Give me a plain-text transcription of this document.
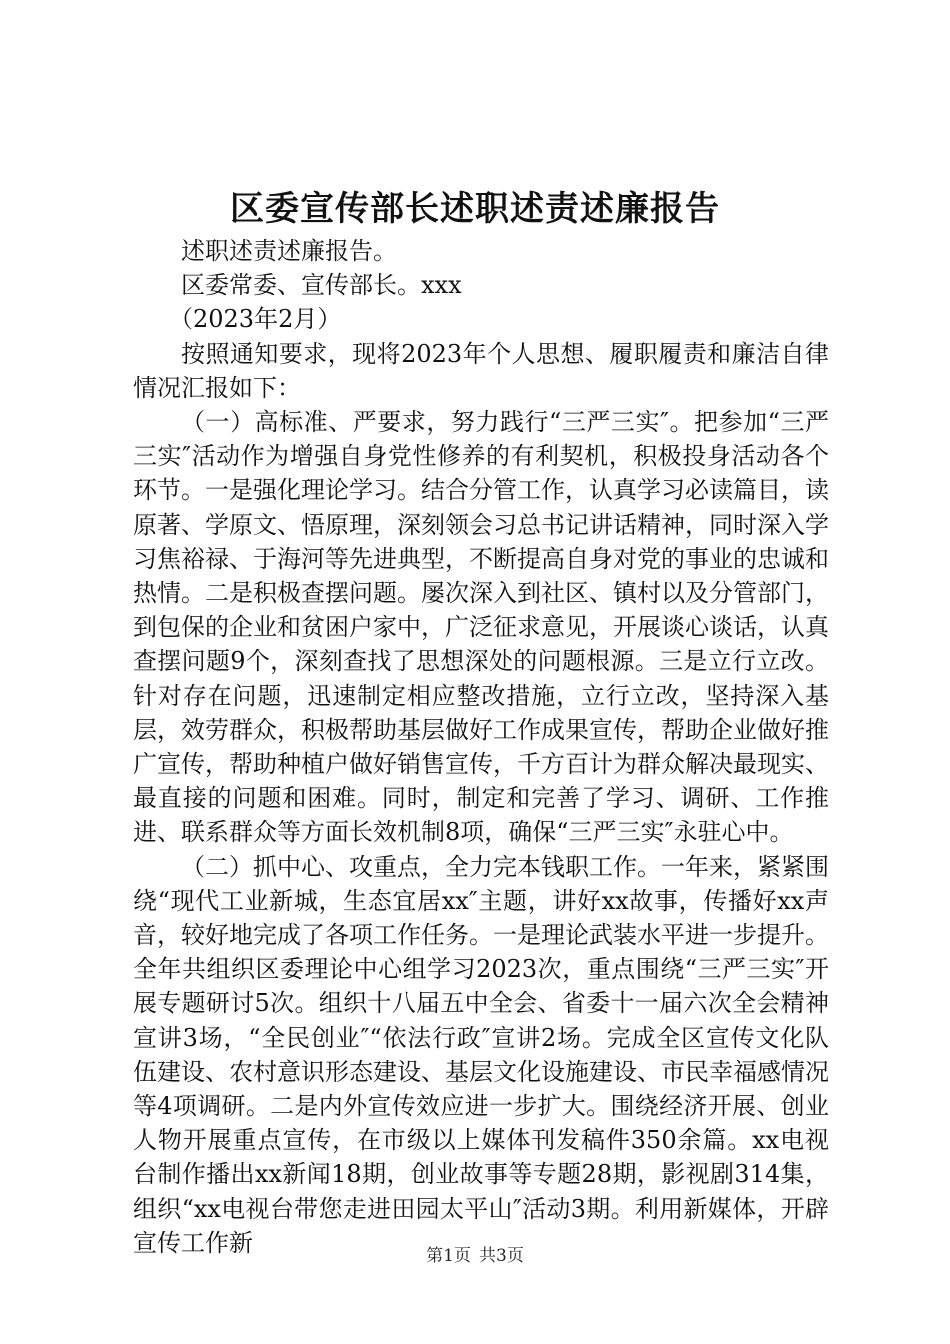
区委宣传部长述职述责述廉报告

述职述责述廉报告。

区委常委、宣传部长。xxx

（2023年2月）

按照通知要求，现将2023年个人思想、履职履责和廉洁自律情况汇报如下：

（一）高标准、严要求，努力践行“三严三实″。把参加“三严三实″活动作为增强自身党性修养的有利契机，积极投身活动各个环节。一是强化理论学习。结合分管工作，认真学习必读篇目，读原著、学原文、悟原理，深刻领会习总书记讲话精神，同时深入学习焦裕禄、于海河等先进典型，不断提高自身对党的事业的忠诚和热情。二是积极查摆问题。屡次深入到社区、镇村以及分管部门，到包保的企业和贫困户家中，广泛征求意见，开展谈心谈话，认真查摆问题9个，深刻查找了思想深处的问题根源。三是立行立改。针对存在问题，迅速制定相应整改措施，立行立改，坚持深入基层，效劳群众，积极帮助基层做好工作成果宣传，帮助企业做好推广宣传，帮助种植户做好销售宣传，千方百计为群众解决最现实、最直接的问题和困难。同时，制定和完善了学习、调研、工作推进、联系群众等方面长效机制8项，确保“三严三实″永驻心中。

（二）抓中心、攻重点，全力完本钱职工作。一年来，紧紧围绕“现代工业新城，生态宜居xx″主题，讲好xx故事，传播好xx声音，较好地完成了各项工作任务。一是理论武装水平进一步提升。全年共组织区委理论中心组学习2023次，重点围绕“三严三实″开展专题研讨5次。组织十八届五中全会、省委十一届六次全会精神宣讲3场，“全民创业″“依法行政″宣讲2场。完成全区宣传文化队伍建设、农村意识形态建设、基层文化设施建设、市民幸福感情况等4项调研。二是内外宣传效应进一步扩大。围绕经济开展、创业人物开展重点宣传，在市级以上媒体刊发稿件350余篇。xx电视台制作播出xx新闻18期，创业故事等专题28期，影视剧314集，组织“xx电视台带您走进田园太平山″活动3期。利用新媒体，开辟宣传工作新	第1页 共3页
